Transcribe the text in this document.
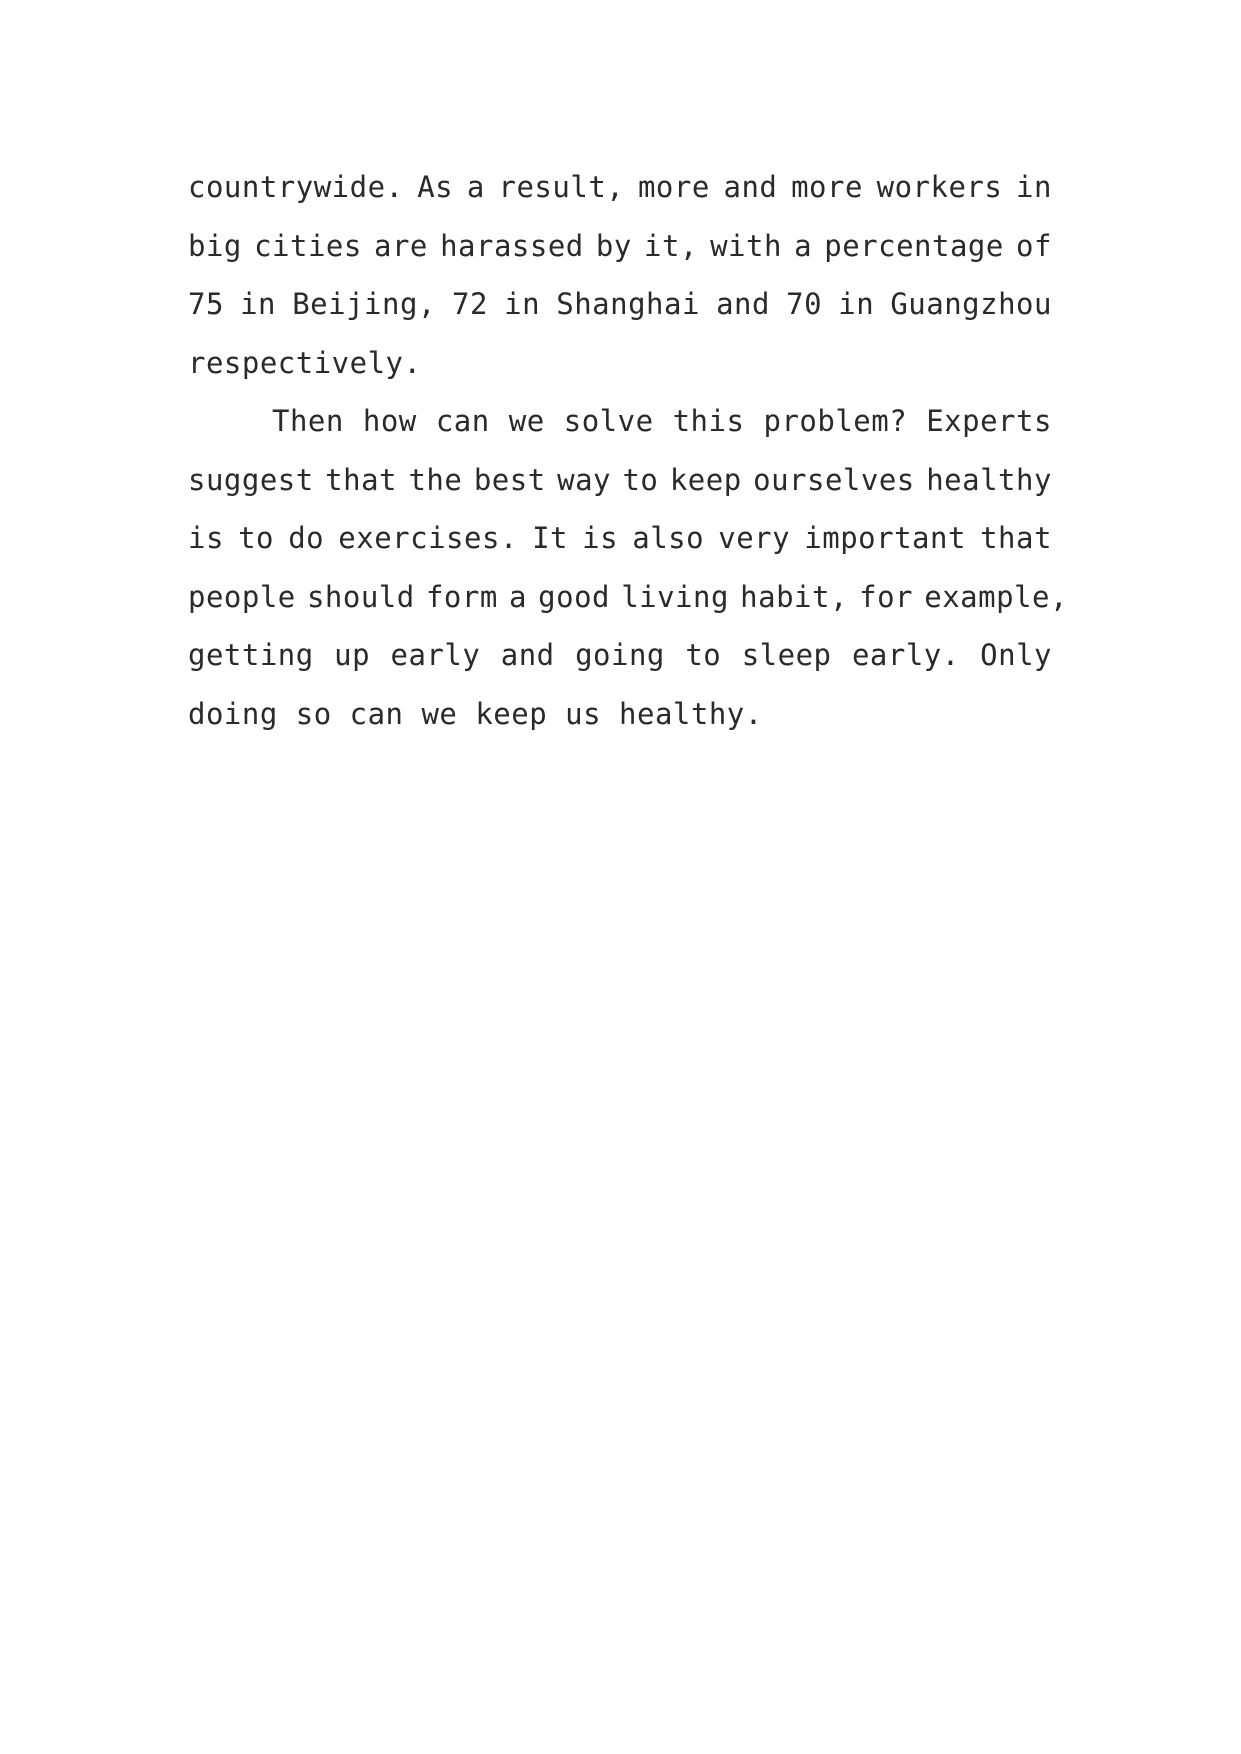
countrywide. As a result, more and more workers in
big cities are harassed by it, with a percentage of
75 in Beijing, 72 in Shanghai and 70 in Guangzhou
respectively.
Then how can we solve this problem? Experts
suggest that the best way to keep ourselves healthy
is to do exercises. It is also very important that
people should form a good living habit, for example,
getting up early and going to sleep early. Only
doing so can we keep us healthy.
